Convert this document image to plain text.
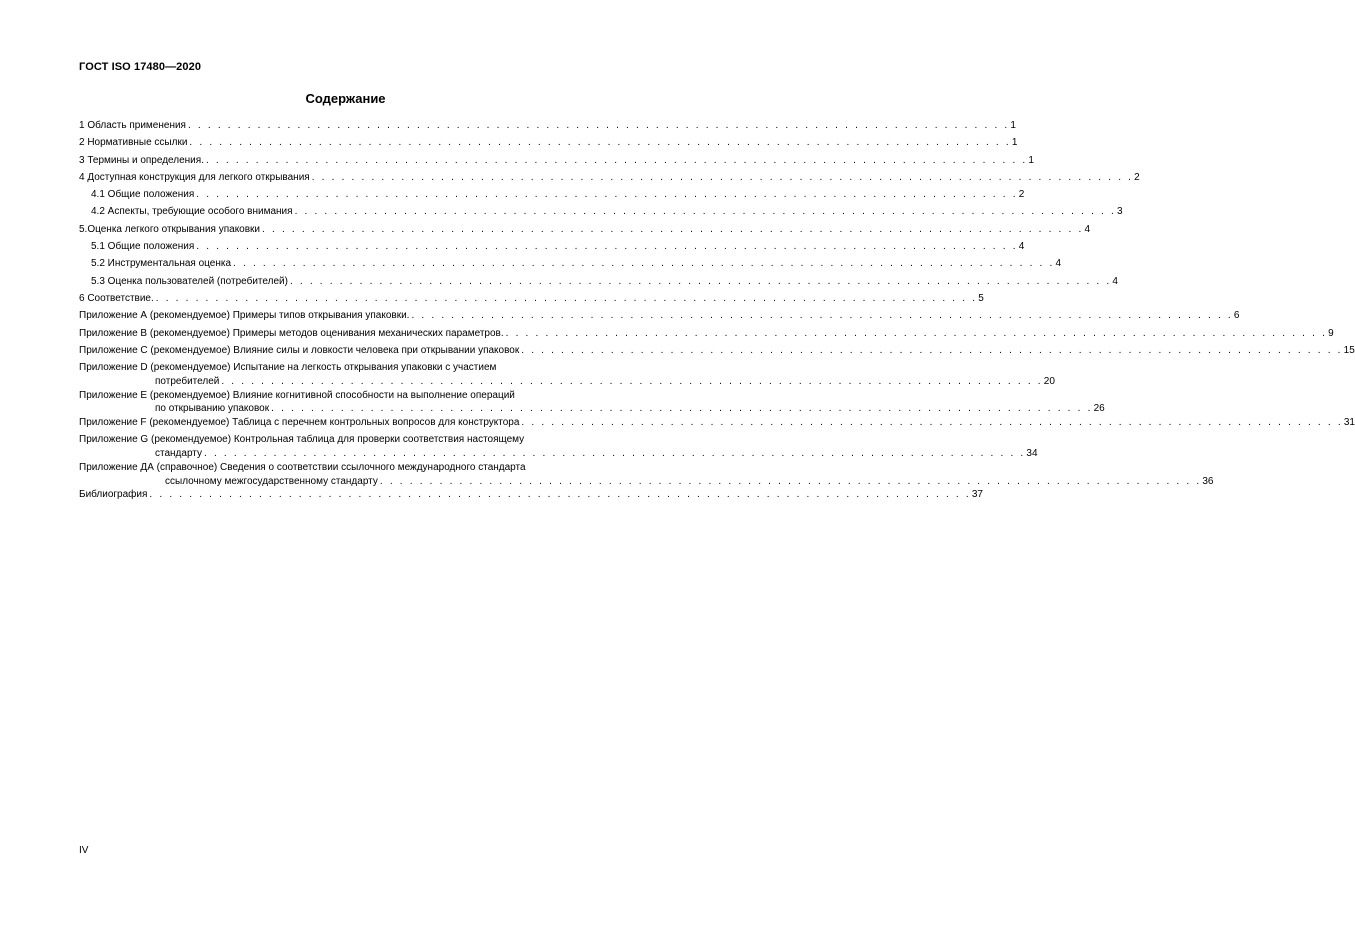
ГОСТ ISO 17480—2020
Содержание
1 Область применения . . . . . . . . . . . . . . . . . . . . . . . . . . . . . . . . . . . . . . . . . . . . . . . . . . . . . . . . . . . . . . . . . . . . . . . . . . . . . . . . . . . 1
2 Нормативные ссылки . . . . . . . . . . . . . . . . . . . . . . . . . . . . . . . . . . . . . . . . . . . . . . . . . . . . . . . . . . . . . . . . . . . . . . . . . . . . . . . . . . . 1
3 Термины и определения. . . . . . . . . . . . . . . . . . . . . . . . . . . . . . . . . . . . . . . . . . . . . . . . . . . . . . . . . . . . . . . . . . . . . . . . . . . . . . . . . . . . 1
4 Доступная конструкция для легкого открывания . . . . . . . . . . . . . . . . . . . . . . . . . . . . . . . . . . . . . . . . . . . . . . . . . . . . . . . . . . . . . . . . . . . . . . . . . . . . . . . . . . . 2
4.1 Общие положения . . . . . . . . . . . . . . . . . . . . . . . . . . . . . . . . . . . . . . . . . . . . . . . . . . . . . . . . . . . . . . . . . . . . . . . . . . . . . . . . . . . 2
4.2 Аспекты, требующие особого внимания . . . . . . . . . . . . . . . . . . . . . . . . . . . . . . . . . . . . . . . . . . . . . . . . . . . . . . . . . . . . . . . . . . . . . . . . . . . . . . . . . . . 3
5.Оценка легкого открывания упаковки . . . . . . . . . . . . . . . . . . . . . . . . . . . . . . . . . . . . . . . . . . . . . . . . . . . . . . . . . . . . . . . . . . . . . . . . . . . . . . . . . . . 4
5.1 Общие положения . . . . . . . . . . . . . . . . . . . . . . . . . . . . . . . . . . . . . . . . . . . . . . . . . . . . . . . . . . . . . . . . . . . . . . . . . . . . . . . . . . . 4
5.2 Инструментальная оценка . . . . . . . . . . . . . . . . . . . . . . . . . . . . . . . . . . . . . . . . . . . . . . . . . . . . . . . . . . . . . . . . . . . . . . . . . . . . . . . . . . . 4
5.3 Оценка пользователей (потребителей) . . . . . . . . . . . . . . . . . . . . . . . . . . . . . . . . . . . . . . . . . . . . . . . . . . . . . . . . . . . . . . . . . . . . . . . . . . . . . . . . . . . 4
6 Соответствие. . . . . . . . . . . . . . . . . . . . . . . . . . . . . . . . . . . . . . . . . . . . . . . . . . . . . . . . . . . . . . . . . . . . . . . . . . . . . . . . . . . . 5
Приложение А (рекомендуемое) Примеры типов открывания упаковки. . . . . . . . . . . . . . . . . . . . . . . . . . . . . . . . . . . . . . . . . . . . . . . . . . . . . . . . . . . . . . . . . . . . . . . . . . . . . . . . . . . . 6
Приложение В (рекомендуемое) Примеры методов оценивания механических параметров. . . . . . . . . . . . . . . . . . . . . . . . . . . . . . . . . . . . . . . . . . . . . . . . . . . . . . . . . . . . . . . . . . . . . . . . . . . . . . . . . . . . 9
Приложение С (рекомендуемое) Влияние силы и ловкости человека при открывании упаковок . . . . . . . . . . . . . . . . . . . . . . . . . . . . . . . . . . . . . . . . . . . . . . . . . . . . . . . . . . . . . . . . . . . . . . . . . . . . . . . . . . . 15
Приложение D (рекомендуемое) Испытание на легкость открывания упаковки с участием
потребителей . . . . . . . . . . . . . . . . . . . . . . . . . . . . . . . . . . . . . . . . . . . . . . . . . . . . . . . . . . . . . . . . . . . . . . . . . . . . . . . . . . . 20
Приложение Е (рекомендуемое) Влияние когнитивной способности на выполнение операций
по открыванию упаковок . . . . . . . . . . . . . . . . . . . . . . . . . . . . . . . . . . . . . . . . . . . . . . . . . . . . . . . . . . . . . . . . . . . . . . . . . . . . . . . . . . . 26
Приложение F (рекомендуемое) Таблица с перечнем контрольных вопросов для конструктора . . . . . . . . . . . . . . . . . . . . . . . . . . . . . . . . . . . . . . . . . . . . . . . . . . . . . . . . . . . . . . . . . . . . . . . . . . . . . . . . . . . 31
Приложение G (рекомендуемое) Контрольная таблица для проверки соответствия настоящему
стандарту . . . . . . . . . . . . . . . . . . . . . . . . . . . . . . . . . . . . . . . . . . . . . . . . . . . . . . . . . . . . . . . . . . . . . . . . . . . . . . . . . . . 34
Приложение ДА (справочное) Сведения о соответствии ссылочного международного стандарта
ссылочному межгосударственному стандарту . . . . . . . . . . . . . . . . . . . . . . . . . . . . . . . . . . . . . . . . . . . . . . . . . . . . . . . . . . . . . . . . . . . . . . . . . . . . . . . . . . . 36
Библиография . . . . . . . . . . . . . . . . . . . . . . . . . . . . . . . . . . . . . . . . . . . . . . . . . . . . . . . . . . . . . . . . . . . . . . . . . . . . . . . . . . . 37
IV
